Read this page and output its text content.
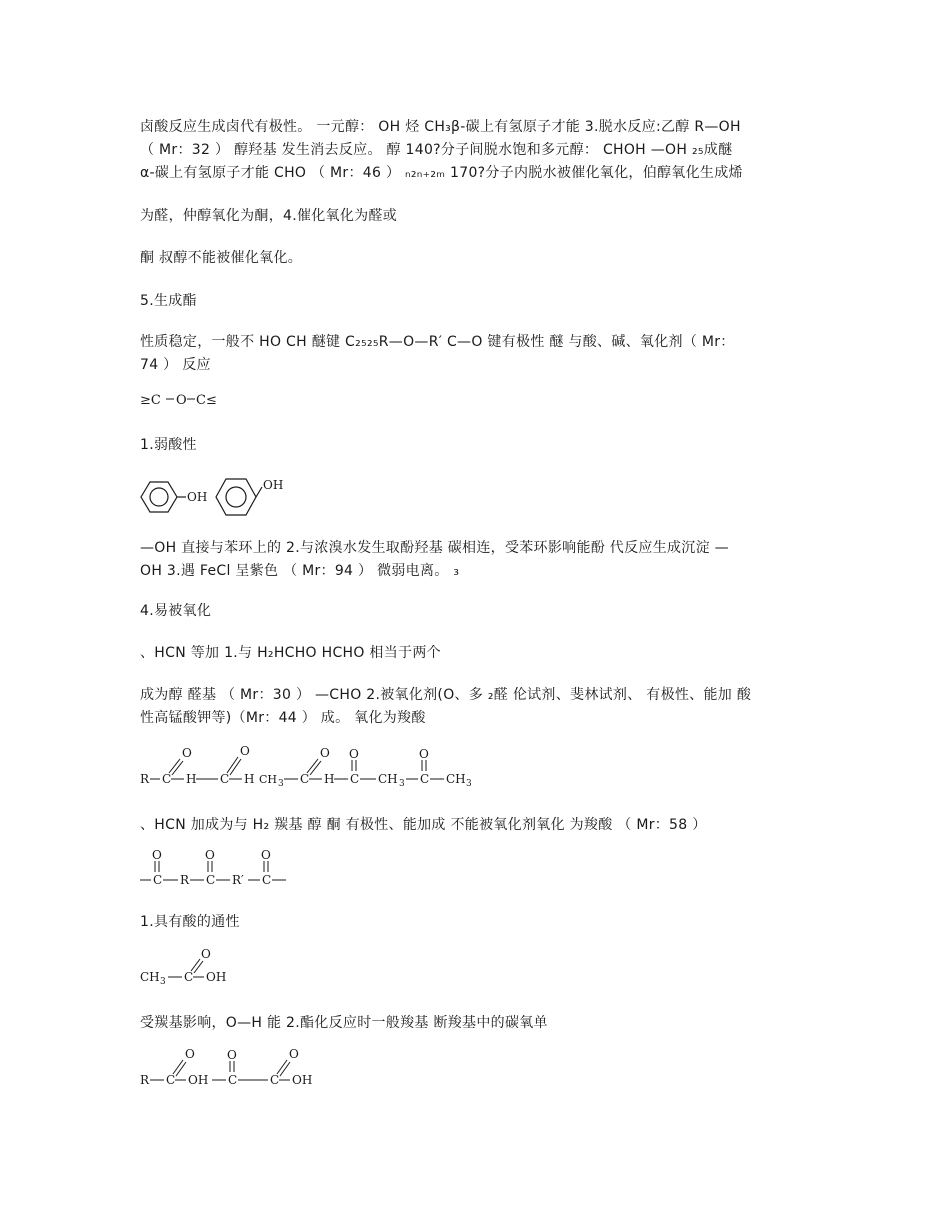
卤酸反应生成卤代有极性。 一元醇： OH 烃 CH₃β-碳上有氢原子才能 3.脱水反应:乙醇 R—OH
（ Mr：32 ） 醇羟基 发生消去反应。 醇 140?分子间脱水饱和多元醇： CHOH —OH ₂₅成醚
α-碳上有氢原子才能 CHO （ Mr：46 ） ₙ₂ₙ₊₂ₘ 170?分子内脱水被催化氧化，伯醇氧化生成烯
为醛，仲醇氧化为酮，4.催化氧化为醛或
酮 叔醇不能被催化氧化。
5.生成酯
性质稳定，一般不 HO CH 醚键 C₂₅₂₅R—O—R′ C—O 键有极性 醚 与酸、碱、氧化剂（ Mr：
74 ） 反应
≥C O C≤
1.弱酸性
OH
OH
—OH 直接与苯环上的 2.与浓溴水发生取酚羟基 碳相连，受苯环影响能酚 代反应生成沉淀 —
OH 3.遇 FeCl 呈紫色 （ Mr：94 ） 微弱电离。 ₃
4.易被氧化
、HCN 等加 1.与 H₂HCHO HCHO 相当于两个
成为醇 醛基 （ Mr：30 ） —CHO 2.被氧化剂(O、多 ₂醛 伦试剂、斐林试剂、 有极性、能加 酸
性高锰酸钾等)（Mr：44 ） 成。 氧化为羧酸
R C
O
H C
O
H CH 3 C
O
H C
O
CH 3 C
O
CH 3
、HCN 加成为与 H₂ 羰基 醇 酮 有极性、能加成 不能被氧化剂氧化 为羧酸 （ Mr：58 ）
C
O
R C
O
R′ C
O
1.具有酸的通性
CH 3 C
O
OH
受羰基影响，O—H 能 2.酯化反应时一般羧基 断羧基中的碳氧单
R C
O
OH C
O
C
O
OH
